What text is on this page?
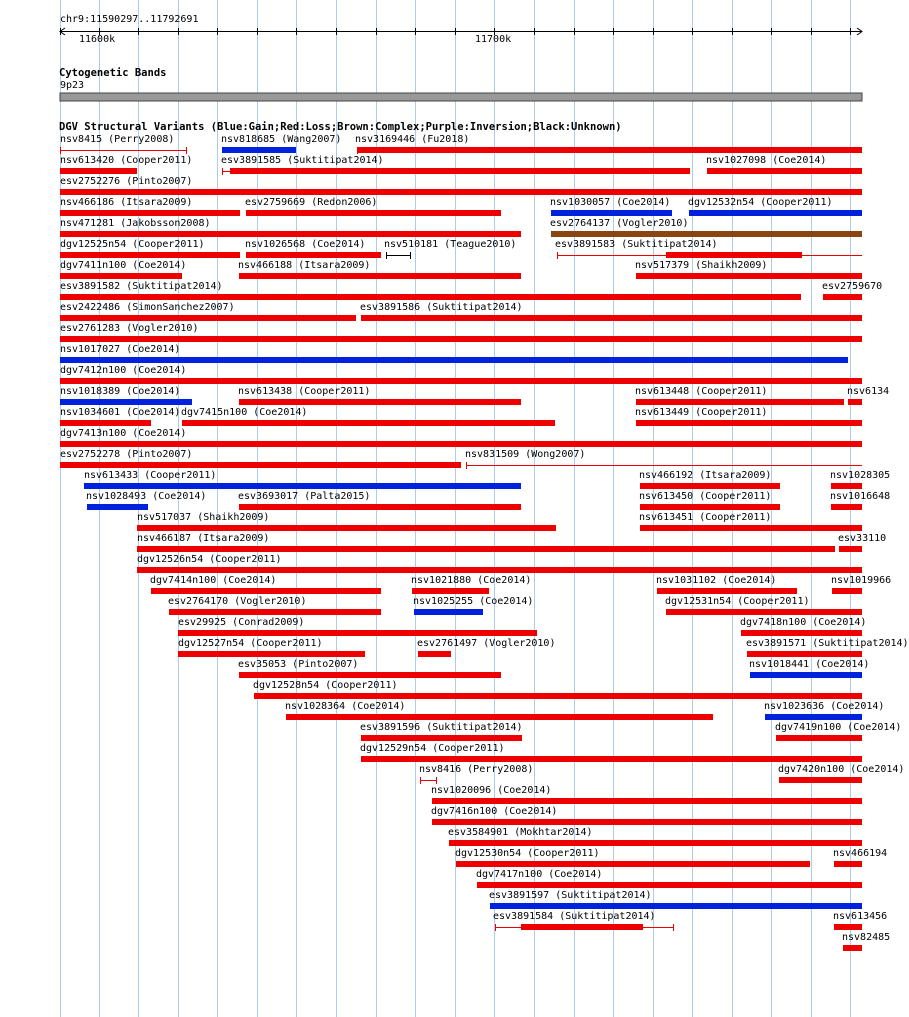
chr9:11590297..11792691
11600k	11700k
Cytogenetic Bands
9p23
DGV Structural Variants (Blue:Gain;Red:Loss;Brown:Complex;Purple:Inversion;Black:Unknown)
nsv8415 (Perry2008)	nsv818685 (Wang2007) nsv3169446 (Fu2018)
nsv613420 (Cooper2011)	esv3891585 (Suktitipat2014)	nsv1027098 (Coe2014)
esv2752276 (Pinto2007)
nsv466186 (Itsara2009)	esv2759669 (Redon2006)	nsv1030057 (Coe2014) dgv12532n54 (Cooper2011)
nsv471281 (Jakobsson2008)	esv2764137 (Vogler2010)
dgv12525n54 (Cooper2011)	nsv1026568 (Coe2014) nsv510181 (Teague2010)	esv3891583 (Suktitipat2014)
dgv7411n100 (Coe2014)	nsv466188 (Itsara2009)	nsv517379 (Shaikh2009)
esv3891582 (Suktitipat2014)	esv2759670
esv2422486 (SimonSanchez2007)	esv3891586 (Suktitipat2014)
esv2761283 (Vogler2010)
nsv1017027 (Coe2014)
dgv7412n100 (Coe2014)
nsv1018389 (Coe2014)	nsv613438 (Cooper2011)	nsv613448 (Cooper2011)	nsv6134
nsv1034601 (Coe2014) dgv7415n100 (Coe2014)	nsv613449 (Cooper2011)
dgv7413n100 (Coe2014)
esv2752278 (Pinto2007)	nsv831509 (Wong2007)
nsv613433 (Cooper2011)	nsv466192 (Itsara2009)	nsv1028305
nsv1028493 (Coe2014)	esv3693017 (Palta2015)	nsv613450 (Cooper2011)	nsv1016648
nsv517037 (Shaikh2009)	nsv613451 (Cooper2011)
nsv466187 (Itsara2009)	esv33110
dgv12526n54 (Cooper2011)
dgv7414n100 (Coe2014)	nsv1021880 (Coe2014)	nsv1031102 (Coe2014)	nsv1019966
esv2764170 (Vogler2010)	nsv1025255 (Coe2014)	dgv12531n54 (Cooper2011)
esv29925 (Conrad2009)	dgv7418n100 (Coe2014)
dgv12527n54 (Cooper2011)	esv2761497 (Vogler2010)	esv3891571 (Suktitipat2014)
esv35053 (Pinto2007)	nsv1018441 (Coe2014)
dgv12528n54 (Cooper2011)
nsv1028364 (Coe2014)	nsv1023636 (Coe2014)
esv3891596 (Suktitipat2014)	dgv7419n100 (Coe2014)
dgv12529n54 (Cooper2011)
nsv8416 (Perry2008)	dgv7420n100 (Coe2014)
nsv1020096 (Coe2014)
dgv7416n100 (Coe2014)
esv3584901 (Mokhtar2014)
dgv12530n54 (Cooper2011)	nsv466194
dgv7417n100 (Coe2014)
esv3891597 (Suktitipat2014)
esv3891584 (Suktitipat2014)	nsv613456
nsv82485
